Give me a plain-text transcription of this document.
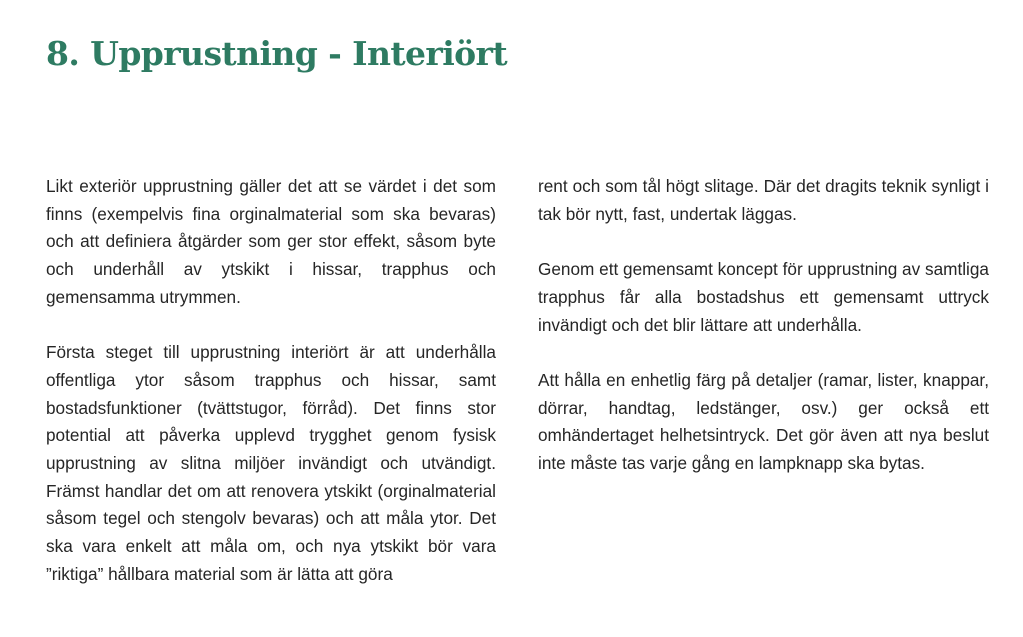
8. Upprustning - Interiört

Likt exteriör upprustning gäller det att se värdet i det som finns (exempelvis fina orginalmaterial som ska bevaras) och att definiera åtgärder som ger stor effekt, såsom byte och underhåll av ytskikt i hissar, trapphus och gemensamma utrymmen.

Första steget till upprustning interiört är att underhålla offentliga ytor såsom trapphus och hissar, samt bostadsfunktioner (tvättstugor, förråd). Det finns stor potential att påverka upplevd trygghet genom fysisk upprustning av slitna miljöer invändigt och utvändigt. Främst handlar det om att renovera ytskikt (orginalmaterial såsom tegel och stengolv bevaras) och att måla ytor. Det ska vara enkelt att måla om, och nya ytskikt bör vara ”riktiga” hållbara material som är lätta att göra

rent och som tål högt slitage. Där det dragits teknik synligt i tak bör nytt, fast, undertak läggas.

Genom ett gemensamt koncept för upprustning av samtliga trapphus får alla bostadshus ett gemensamt uttryck invändigt och det blir lättare att underhålla.

Att hålla en enhetlig färg på detaljer (ramar, lister, knappar, dörrar, handtag, ledstänger, osv.) ger också ett omhändertaget helhetsintryck. Det gör även att nya beslut inte måste tas varje gång en lampknapp ska bytas.
